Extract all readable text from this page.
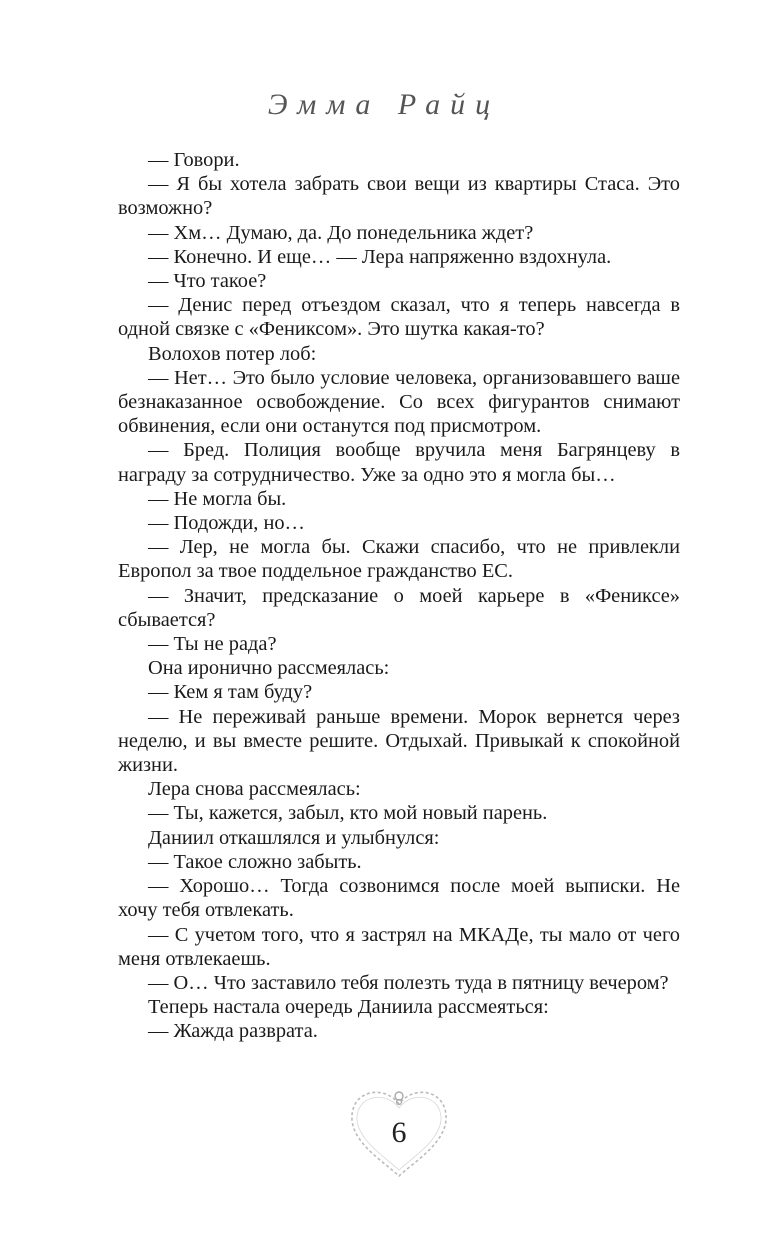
Эмма Райц

— Говори.

— Я бы хотела забрать свои вещи из квартиры Стаса. Это возможно?

— Хм… Думаю, да. До понедельника ждет?

— Конечно. И еще… — Лера напряженно вздохнула.

— Что такое?

— Денис перед отъездом сказал, что я теперь навсегда в одной связке с «Фениксом». Это шутка какая-то?

Волохов потер лоб:

— Нет… Это было условие человека, организовавшего ваше безнаказанное освобождение. Со всех фигурантов снимают обвинения, если они останутся под присмотром.

— Бред. Полиция вообще вручила меня Багрянцеву в награду за сотрудничество. Уже за одно это я могла бы…

— Не могла бы.

— Подожди, но…

— Лер, не могла бы. Скажи спасибо, что не привлекли Европол за твое поддельное гражданство ЕС.

— Значит, предсказание о моей карьере в «Фениксе» сбывается?

— Ты не рада?

Она иронично рассмеялась:

— Кем я там буду?

— Не переживай раньше времени. Морок вернется через неделю, и вы вместе решите. Отдыхай. Привыкай к спокойной жизни.

Лера снова рассмеялась:

— Ты, кажется, забыл, кто мой новый парень.

Даниил откашлялся и улыбнулся:

— Такое сложно забыть.

— Хорошо… Тогда созвонимся после моей выписки. Не хочу тебя отвлекать.

— С учетом того, что я застрял на МКАДе, ты мало от чего меня отвлекаешь.

— О… Что заставило тебя полезть туда в пятницу вечером?

Теперь настала очередь Даниила рассмеяться:

— Жажда разврата.

6
